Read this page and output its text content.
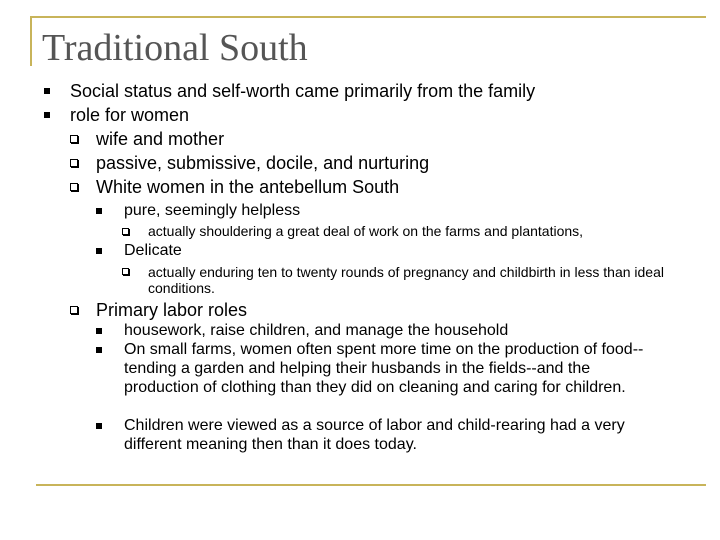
Traditional South
Social status and self-worth came primarily from the family
role for women
wife and mother
passive, submissive, docile, and nurturing
White women in the antebellum South
pure, seemingly helpless
actually shouldering a great deal of work on the farms and plantations,
Delicate
actually enduring ten to twenty rounds of pregnancy and childbirth in less than ideal conditions.
Primary labor roles
housework, raise children, and manage the household
On small farms, women often spent more time on the production of food--tending a garden and helping their husbands in the fields--and the production of clothing than they did on cleaning and caring for children.
Children were viewed as a source of labor and child-rearing had a very different meaning then than it does today.
